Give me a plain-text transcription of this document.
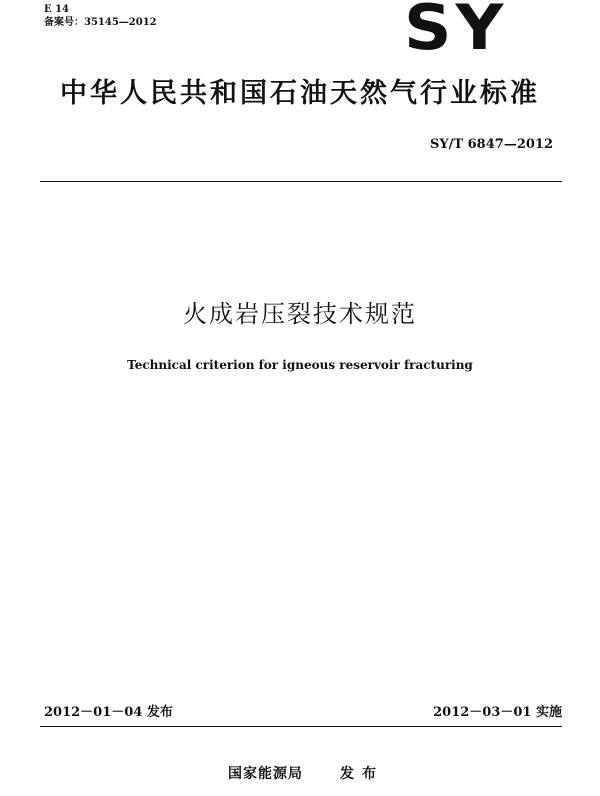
E 14
备案号：35145—2012	SY
中华人民共和国石油天然气行业标准
SY/T 6847—2012
火成岩压裂技术规范
Technical criterion for igneous reservoir fracturing
2012－01－04 发布	2012－03－01 实施
国家能源局	发布
